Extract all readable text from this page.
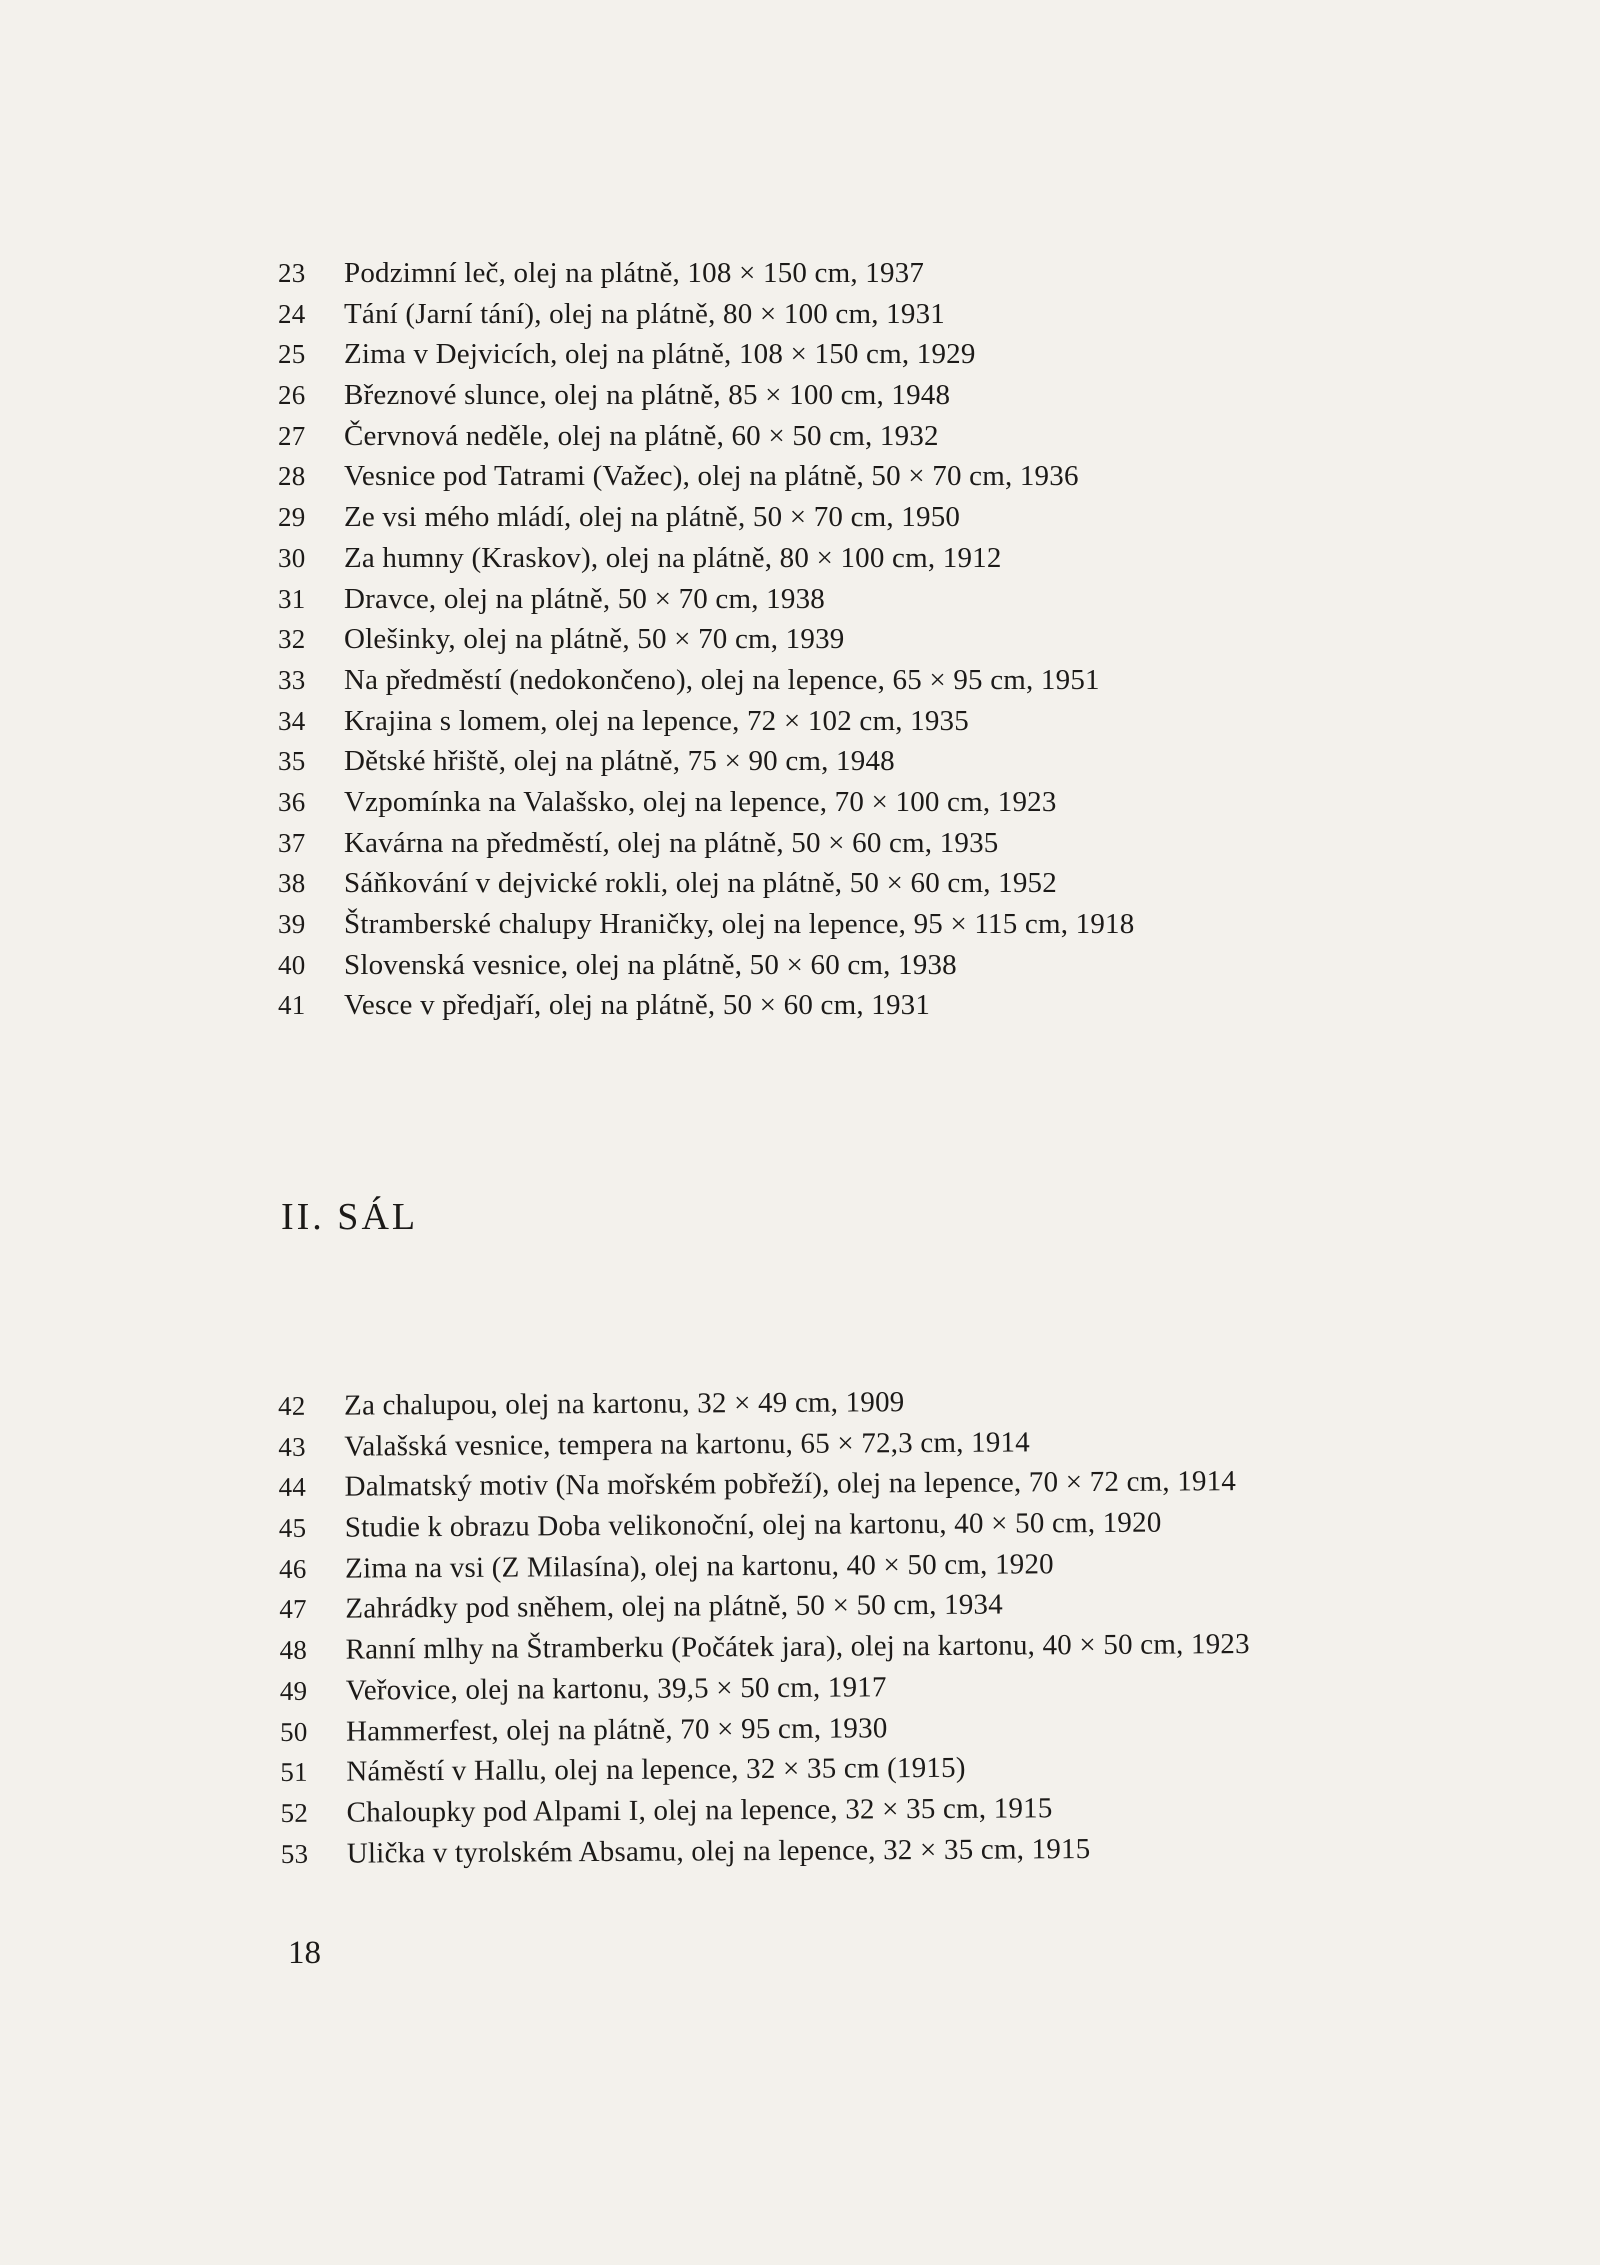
23	Podzimní leč, olej na plátně, 108 × 150 cm, 1937
24	Tání (Jarní tání), olej na plátně, 80 × 100 cm, 1931
25	Zima v Dejvicích, olej na plátně, 108 × 150 cm, 1929
26	Březnové slunce, olej na plátně, 85 × 100 cm, 1948
27	Červnová neděle, olej na plátně, 60 × 50 cm, 1932
28	Vesnice pod Tatrami (Važec), olej na plátně, 50 × 70 cm, 1936
29	Ze vsi mého mládí, olej na plátně, 50 × 70 cm, 1950
30	Za humny (Kraskov), olej na plátně, 80 × 100 cm, 1912
31	Dravce, olej na plátně, 50 × 70 cm, 1938
32	Olešinky, olej na plátně, 50 × 70 cm, 1939
33	Na předměstí (nedokončeno), olej na lepence, 65 × 95 cm, 1951
34	Krajina s lomem, olej na lepence, 72 × 102 cm, 1935
35	Dětské hřiště, olej na plátně, 75 × 90 cm, 1948
36	Vzpomínka na Valašsko, olej na lepence, 70 × 100 cm, 1923
37	Kavárna na předměstí, olej na plátně, 50 × 60 cm, 1935
38	Sáňkování v dejvické rokli, olej na plátně, 50 × 60 cm, 1952
39	Štramberské chalupy Hraničky, olej na lepence, 95 × 115 cm, 1918
40	Slovenská vesnice, olej na plátně, 50 × 60 cm, 1938
41	Vesce v předjaří, olej na plátně, 50 × 60 cm, 1931
II. SÁL
42	Za chalupou, olej na kartonu, 32 × 49 cm, 1909
43	Valašská vesnice, tempera na kartonu, 65 × 72,3 cm, 1914
44	Dalmatský motiv (Na mořském pobřeží), olej na lepence, 70 × 72 cm, 1914
45	Studie k obrazu Doba velikonoční, olej na kartonu, 40 × 50 cm, 1920
46	Zima na vsi (Z Milasína), olej na kartonu, 40 × 50 cm, 1920
47	Zahrádky pod sněhem, olej na plátně, 50 × 50 cm, 1934
48	Ranní mlhy na Štramberku (Počátek jara), olej na kartonu, 40 × 50 cm, 1923
49	Veřovice, olej na kartonu, 39,5 × 50 cm, 1917
50	Hammerfest, olej na plátně, 70 × 95 cm, 1930
51	Náměstí v Hallu, olej na lepence, 32 × 35 cm (1915)
52	Chaloupky pod Alpami I, olej na lepence, 32 × 35 cm, 1915
53	Ulička v tyrolském Absamu, olej na lepence, 32 × 35 cm, 1915
18
